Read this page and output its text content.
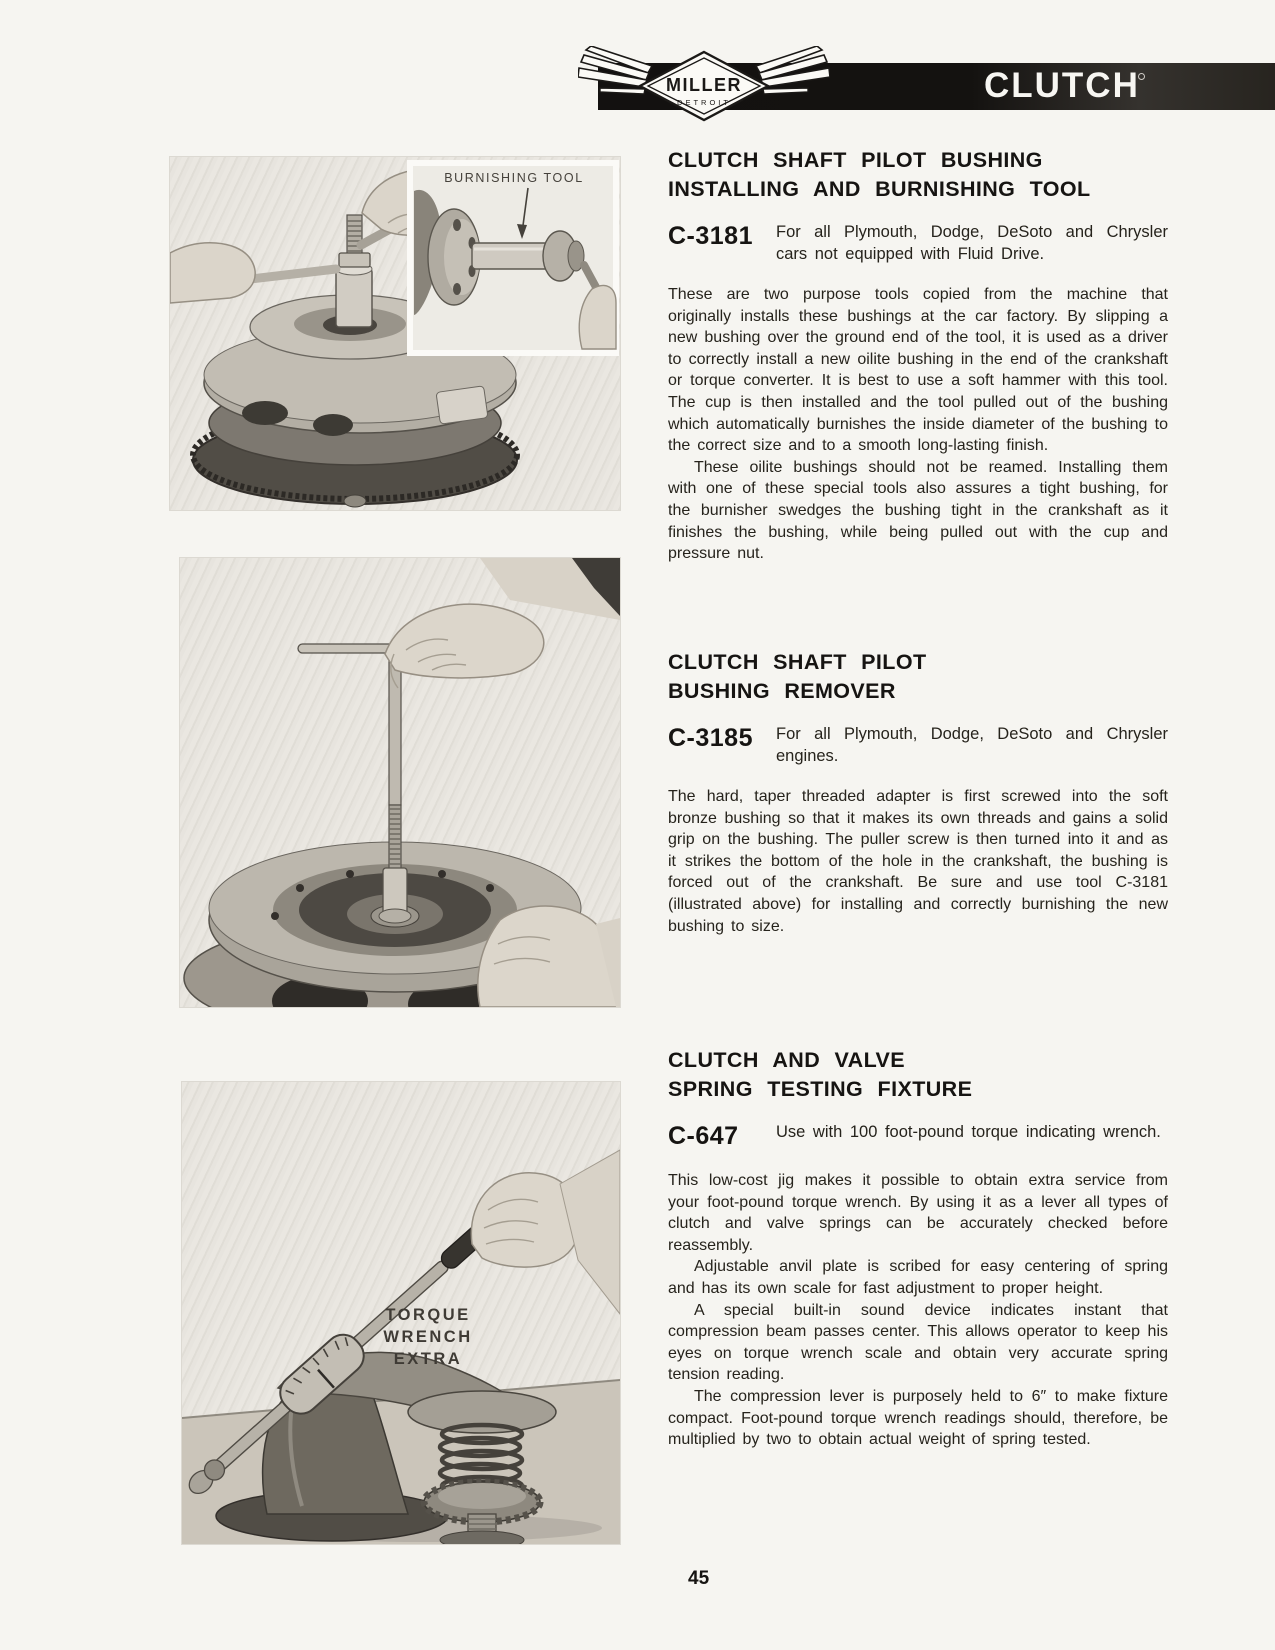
CLUTCH
MILLER
DETROIT
BURNISHING TOOL
TORQUE
WRENCH
EXTRA
CLUTCH SHAFT PILOT BUSHING
INSTALLING AND BURNISHING TOOL
C-3181	For all Plymouth, Dodge, DeSoto and Chrysler cars not equipped with Fluid Drive.

These are two purpose tools copied from the machine that originally installs these bushings at the car factory. By slipping a new bushing over the ground end of the tool, it is used as a driver to correctly install a new oilite bushing in the end of the crankshaft or torque converter. It is best to use a soft hammer with this tool. The cup is then installed and the tool pulled out of the bushing which automatically burnishes the inside diameter of the bushing to the correct size and to a smooth long-lasting finish.

These oilite bushings should not be reamed. Installing them with one of these special tools also assures a tight bushing, for the burnisher swedges the bushing tight in the crankshaft as it finishes the bushing, while being pulled out with the cup and pressure nut.

CLUTCH SHAFT PILOT
BUSHING REMOVER
C-3185	For all Plymouth, Dodge, DeSoto and Chrysler engines.

The hard, taper threaded adapter is first screwed into the soft bronze bushing so that it makes its own threads and gains a solid grip on the bushing. The puller screw is then turned into it and as it strikes the bottom of the hole in the crankshaft, the bushing is forced out of the crankshaft. Be sure and use tool C-3181 (illustrated above) for installing and correctly burnishing the new bushing to size.

CLUTCH AND VALVE
SPRING TESTING FIXTURE
C-647	Use with 100 foot-pound torque indicating wrench.

This low-cost jig makes it possible to obtain extra service from your foot-pound torque wrench. By using it as a lever all types of clutch and valve springs can be accurately checked before reassembly.

Adjustable anvil plate is scribed for easy centering of spring and has its own scale for fast adjustment to proper height.

A special built-in sound device indicates instant that compression beam passes center. This allows operator to keep his eyes on torque wrench scale and obtain very accurate spring tension reading.

The compression lever is purposely held to 6″ to make fixture compact. Foot-pound torque wrench readings should, therefore, be multiplied by two to obtain actual weight of spring tested.

45
